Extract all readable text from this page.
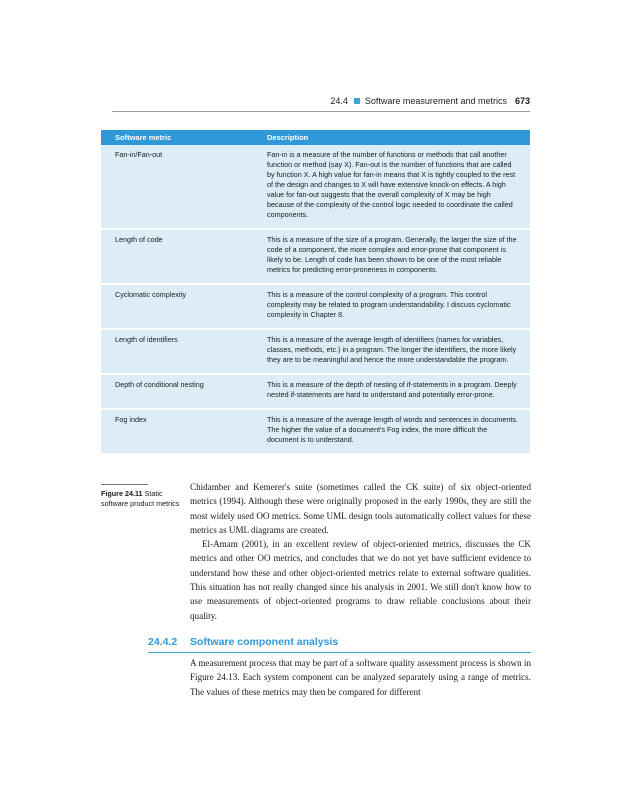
24.4 Software measurement and metrics 673
Software metric	Description
Fan-in/Fan-out	Fan-in is a measure of the number of functions or methods that call another function or method (say X). Fan-out is the number of functions that are called by function X. A high value for fan-in means that X is tightly coupled to the rest of the design and changes to X will have extensive knock-on effects. A high value for fan-out suggests that the overall complexity of X may be high because of the complexity of the control logic needed to coordinate the called components.
Length of code	This is a measure of the size of a program. Generally, the larger the size of the code of a component, the more complex and error-prone that component is likely to be. Length of code has been shown to be one of the most reliable metrics for predicting error-proneness in components.
Cyclomatic complexity	This is a measure of the control complexity of a program. This control complexity may be related to program understandability. I discuss cyclomatic complexity in Chapter 8.
Length of identifiers	This is a measure of the average length of identifiers (names for variables, classes, methods, etc.) in a program. The longer the identifiers, the more likely they are to be meaningful and hence the more understandable the program.
Depth of conditional nesting	This is a measure of the depth of nesting of if-statements in a program. Deeply nested if-statements are hard to understand and potentially error-prone.
Fog index	This is a measure of the average length of words and sentences in documents. The higher the value of a document's Fog index, the more difficult the document is to understand.
Figure 24.11 Static software product metrics

Chidamber and Kemerer's suite (sometimes called the CK suite) of six object-oriented metrics (1994). Although these were originally proposed in the early 1990s, they are still the most widely used OO metrics. Some UML design tools automatically collect values for these metrics as UML diagrams are created.

El-Amam (2001), in an excellent review of object-oriented metrics, discusses the CK metrics and other OO metrics, and concludes that we do not yet have sufficient evidence to understand how these and other object-oriented metrics relate to external software qualities. This situation has not really changed since his analysis in 2001. We still don't know how to use measurements of object-oriented programs to draw reliable conclusions about their quality.

24.4.2 Software component analysis

A measurement process that may be part of a software quality assessment process is shown in Figure 24.13. Each system component can be analyzed separately using a range of metrics. The values of these metrics may then be compared for different
